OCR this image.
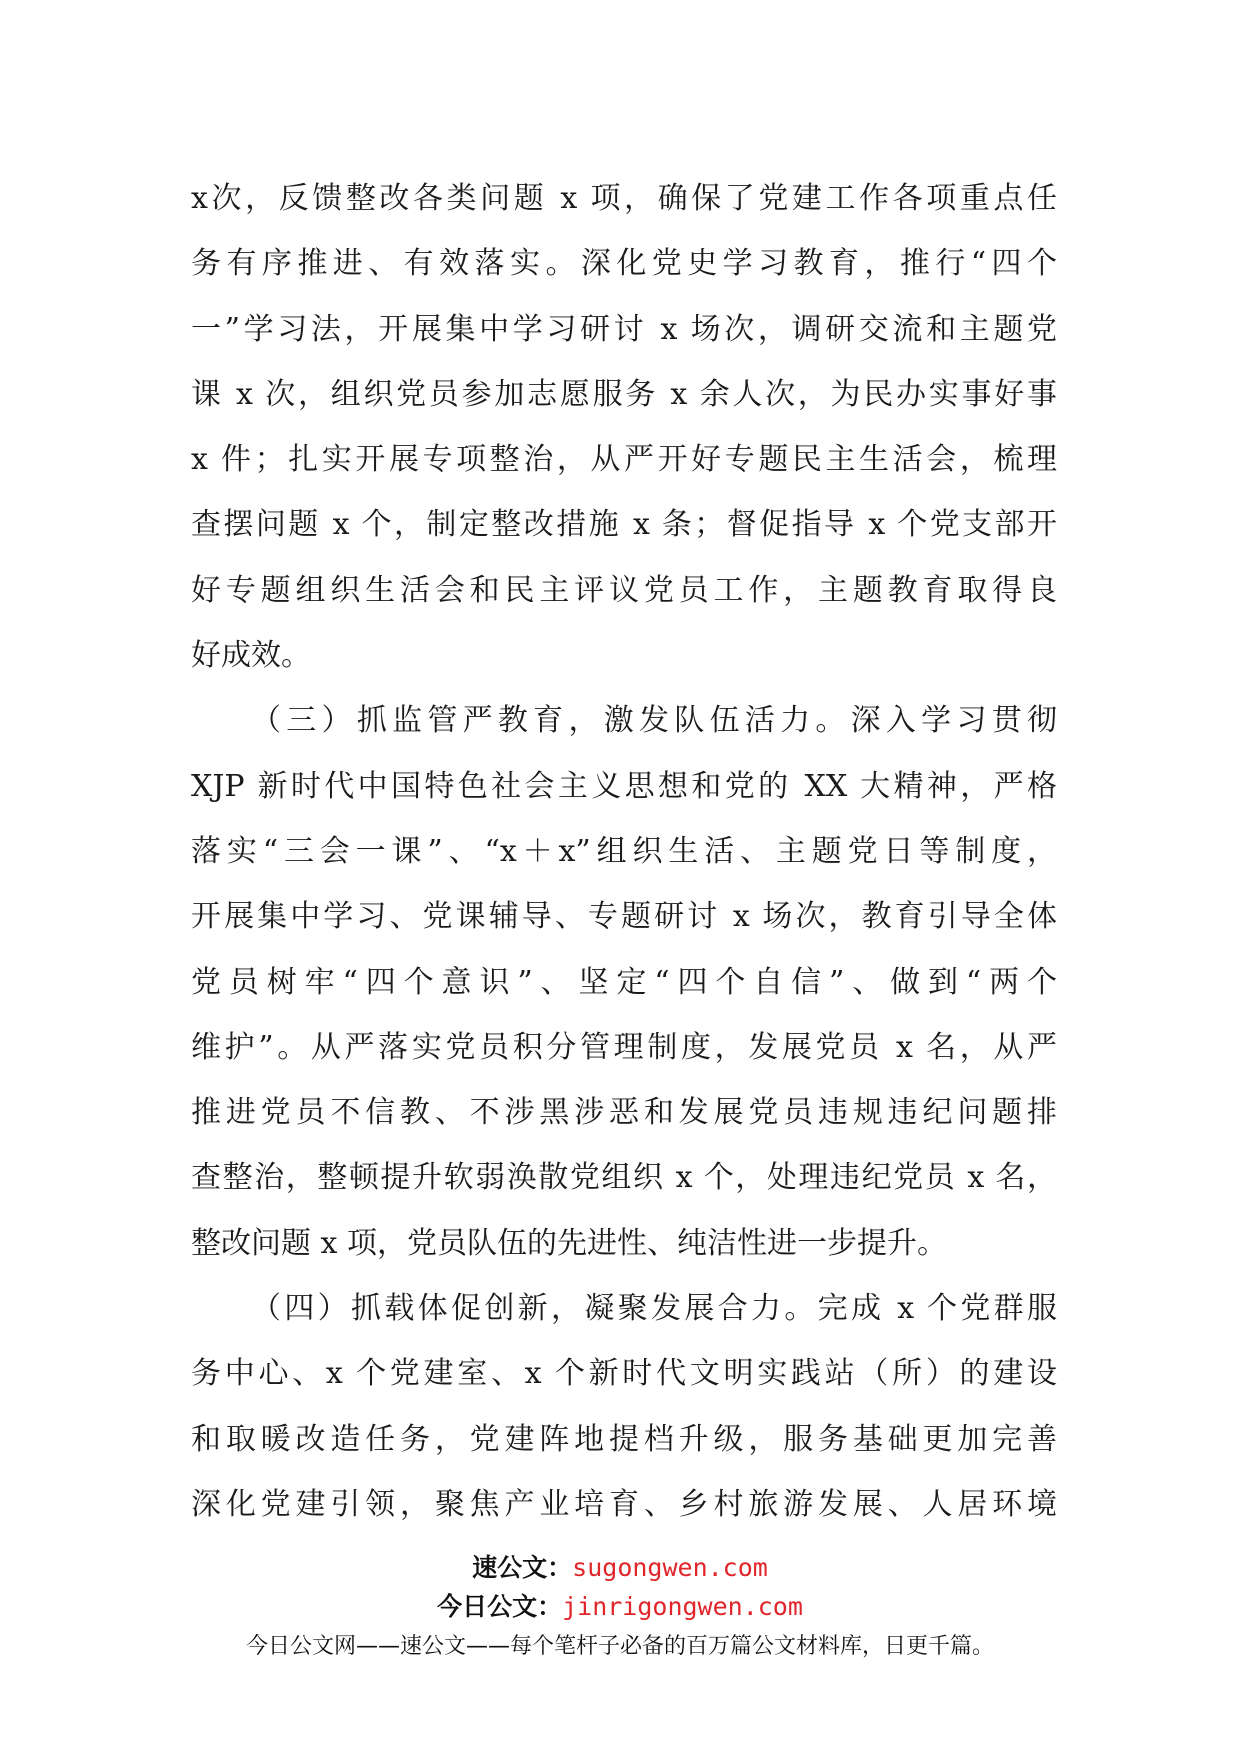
x次，反馈整改各类问题 x 项，确保了党建工作各项重点任
务有序推进、有效落实。深化党史学习教育，推行“四个
一”学习法，开展集中学习研讨 x 场次，调研交流和主题党
课 x 次，组织党员参加志愿服务 x 余人次，为民办实事好事
x 件；扎实开展专项整治，从严开好专题民主生活会，梳理
查摆问题 x 个，制定整改措施 x 条；督促指导 x 个党支部开
好专题组织生活会和民主评议党员工作，主题教育取得良
好成效。
（三）抓监管严教育，激发队伍活力。深入学习贯彻
XJP 新时代中国特色社会主义思想和党的 XX 大精神，严格
落实“三会一课”、“x＋x”组织生活、主题党日等制度，
开展集中学习、党课辅导、专题研讨 x 场次，教育引导全体
党员树牢“四个意识”、坚定“四个自信”、做到“两个
维护”。从严落实党员积分管理制度，发展党员 x 名，从严
推进党员不信教、不涉黑涉恶和发展党员违规违纪问题排
查整治，整顿提升软弱涣散党组织 x 个，处理违纪党员 x 名，
整改问题 x 项，党员队伍的先进性、纯洁性进一步提升。
（四）抓载体促创新，凝聚发展合力。完成 x 个党群服
务中心、x 个党建室、x 个新时代文明实践站（所）的建设
和取暖改造任务，党建阵地提档升级，服务基础更加完善
深化党建引领，聚焦产业培育、乡村旅游发展、人居环境
速公文：sugongwen.com
今日公文：jinrigongwen.com
今日公文网——速公文——每个笔杆子必备的百万篇公文材料库，日更千篇。
